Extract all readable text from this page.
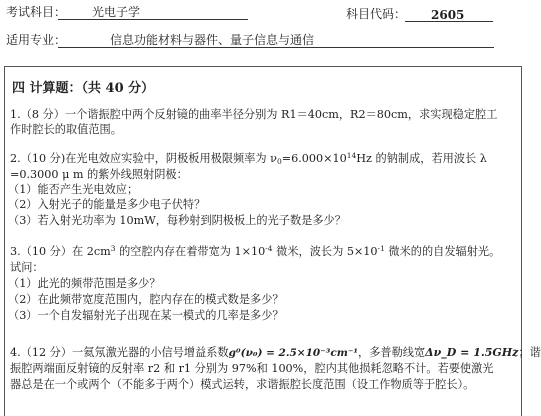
考试科目： 光电子学	科目代码： 2605
适用专业：	信息功能材料与器件、量子信息与通信
四 计算题：（共 40 分）
1.（8 分）一个谐振腔中两个反射镜的曲率半径分别为 R1＝40cm，R2＝80cm，求实现稳定腔工
作时腔长的取值范围。
2.（10 分)在光电效应实验中，阴极板用极限频率为 $\nu_0=6.000\times 10^{14}Hz$ 的钠制成，若用波长 λ
=0.3000 μ m 的紫外线照射阴极：
（1）能否产生光电效应；
（2）入射光子的能量是多少电子伏特？
（3）若入射光功率为 10mW，每秒射到阴极板上的光子数是多少？
3.（10 分）在 $2cm^3$ 的空腔内存在着带宽为 $1\times 10^{-4}$ 微米，波长为 $5\times 10^{-1}$ 微米的的自发辐射光。
试问：
（1）此光的频带范围是多少？
（2）在此频带宽度范围内，腔内存在的模式数是多少？
（3）一个自发辐射光子出现在某一模式的几率是多少？
4.（12 分）一氦氖激光器的小信号增益系数g⁰(ν₀) = 2.5×10⁻³cm⁻¹，多普勒线宽Δν_D = 1.5GHz；谐
振腔两端面反射镜的反射率 r2 和 r1 分别为 97%和 100%，腔内其他损耗忽略不计。若要使激光
器总是在一个或两个（不能多于两个）模式运转，求谐振腔长度范围（设工作物质等于腔长）。
